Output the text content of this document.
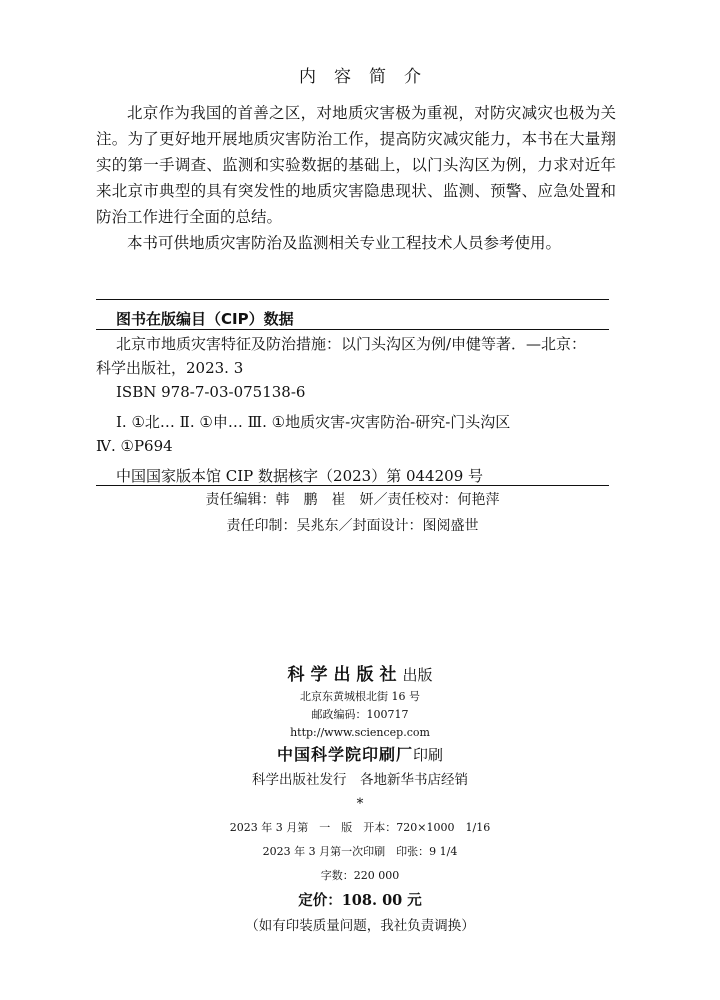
内容简介

北京作为我国的首善之区，对地质灾害极为重视，对防灾减灾也极为关注。为了更好地开展地质灾害防治工作，提高防灾减灾能力，本书在大量翔实的第一手调查、监测和实验数据的基础上，以门头沟区为例，力求对近年来北京市典型的具有突发性的地质灾害隐患现状、监测、预警、应急处置和防治工作进行全面的总结。

本书可供地质灾害防治及监测相关专业工程技术人员参考使用。

图书在版编目（CIP）数据
北京市地质灾害特征及防治措施：以门头沟区为例/申健等著．—北京：
科学出版社，2023. 3
ISBN 978-7-03-075138-6
Ⅰ. ①北… Ⅱ. ①申… Ⅲ. ①地质灾害-灾害防治-研究-门头沟区
Ⅳ. ①P694
中国国家版本馆 CIP 数据核字（2023）第 044209 号
责任编辑：韩　鹏　崔　妍／责任校对：何艳萍
责任印制：吴兆东／封面设计：图阅盛世
科学出版社出版
北京东黄城根北街 16 号
邮政编码：100717
http://www.sciencep.com
中国科学院印刷厂印刷
科学出版社发行　各地新华书店经销
*
2023 年 3 月第　一　版　开本：720×1000　1/16
2023 年 3 月第一次印刷　印张：9 1/4
字数：220 000
定价：108. 00 元
（如有印装质量问题，我社负责调换）
